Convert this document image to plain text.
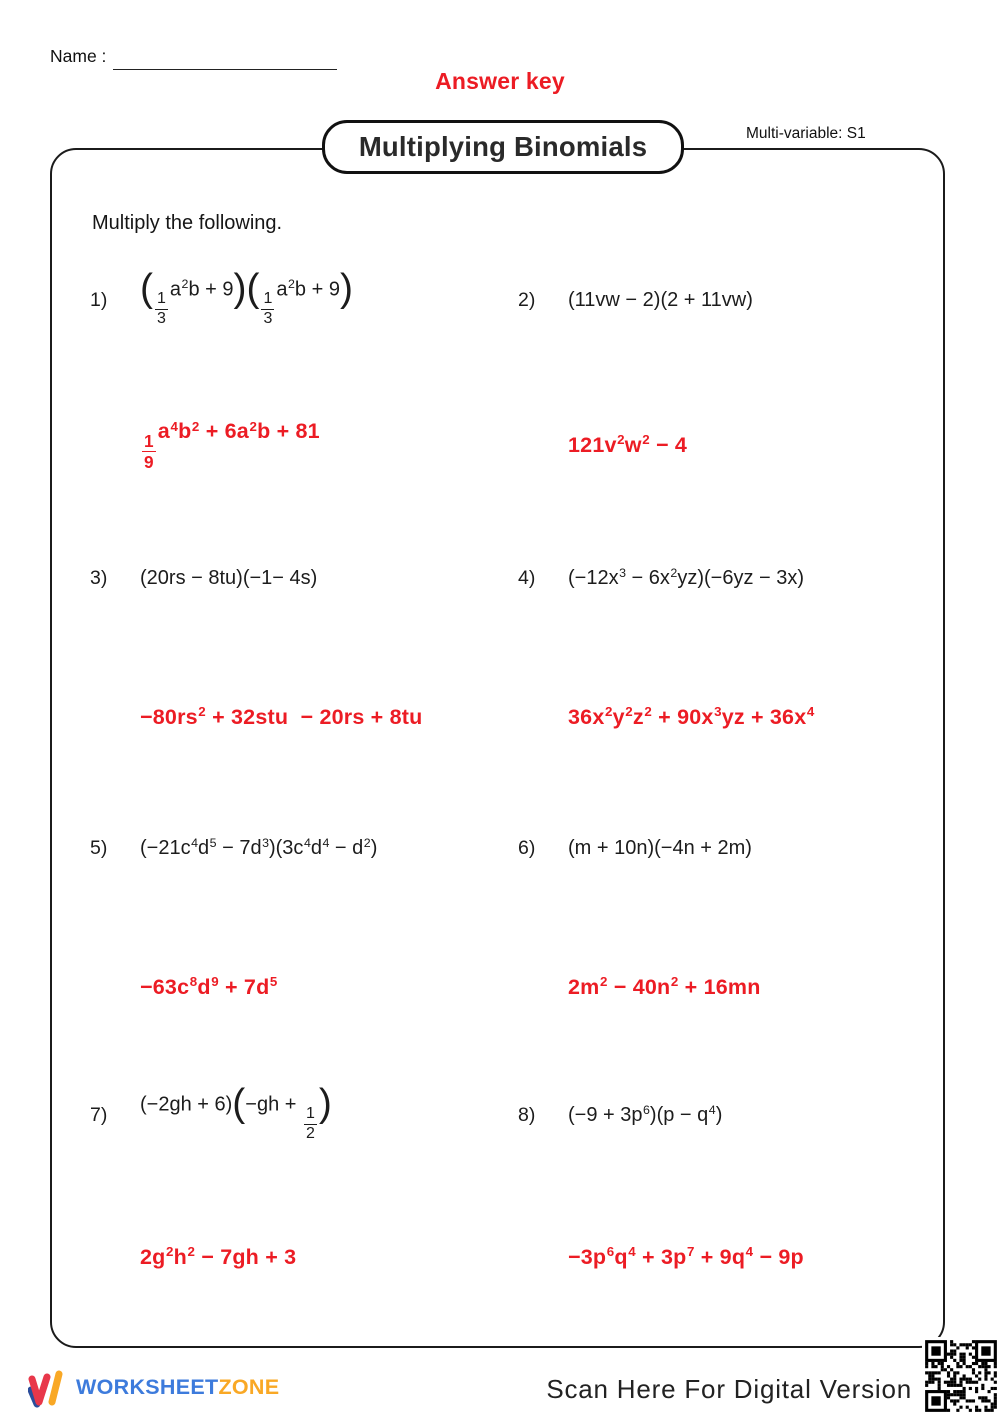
Name :
Answer key
Multiplying Binomials	Multi-variable: S1
Multiply the following.
1) ( $\frac{1}{3}$
$a^2b + 9)( \frac{1}{3}$
$a^2b + 9$)
$\frac{1}{9}$
$a^4b^2 + 6a^2b + 81$
2)	(11vw − 2)(2 + 11vw)
$121v^2w^2 - 4$
3)	(20rs − 8tu)(−1− 4s)
$-80rs^2 + 32stu - 20rs + 8tu$
4)	$(-12x^3 - 6x^2yz)(-6yz - 3x)$
$36x^2y^2z^2 + 90x^3yz + 36x^4$
5)	$(-21c^4d^5 - 7d^3)(3c^4d^4 - d^2)$
$-63c^8d^9 + 7d^5$
6)	(m + 10n)(−4n + 2m)
$2m^2 - 40n^2 + 16mn$
7)	(−2gh + 6)(−gh +
$\frac{1}{2}$ )
$2g^2h^2 - 7gh + 3$
8)	$(-9 + 3p^6)(p - q^4)$
$-3p^6q^4 + 3p^7 + 9q^4 - 9p$
WORKSHEETZONE	Scan Here For Digital Version
